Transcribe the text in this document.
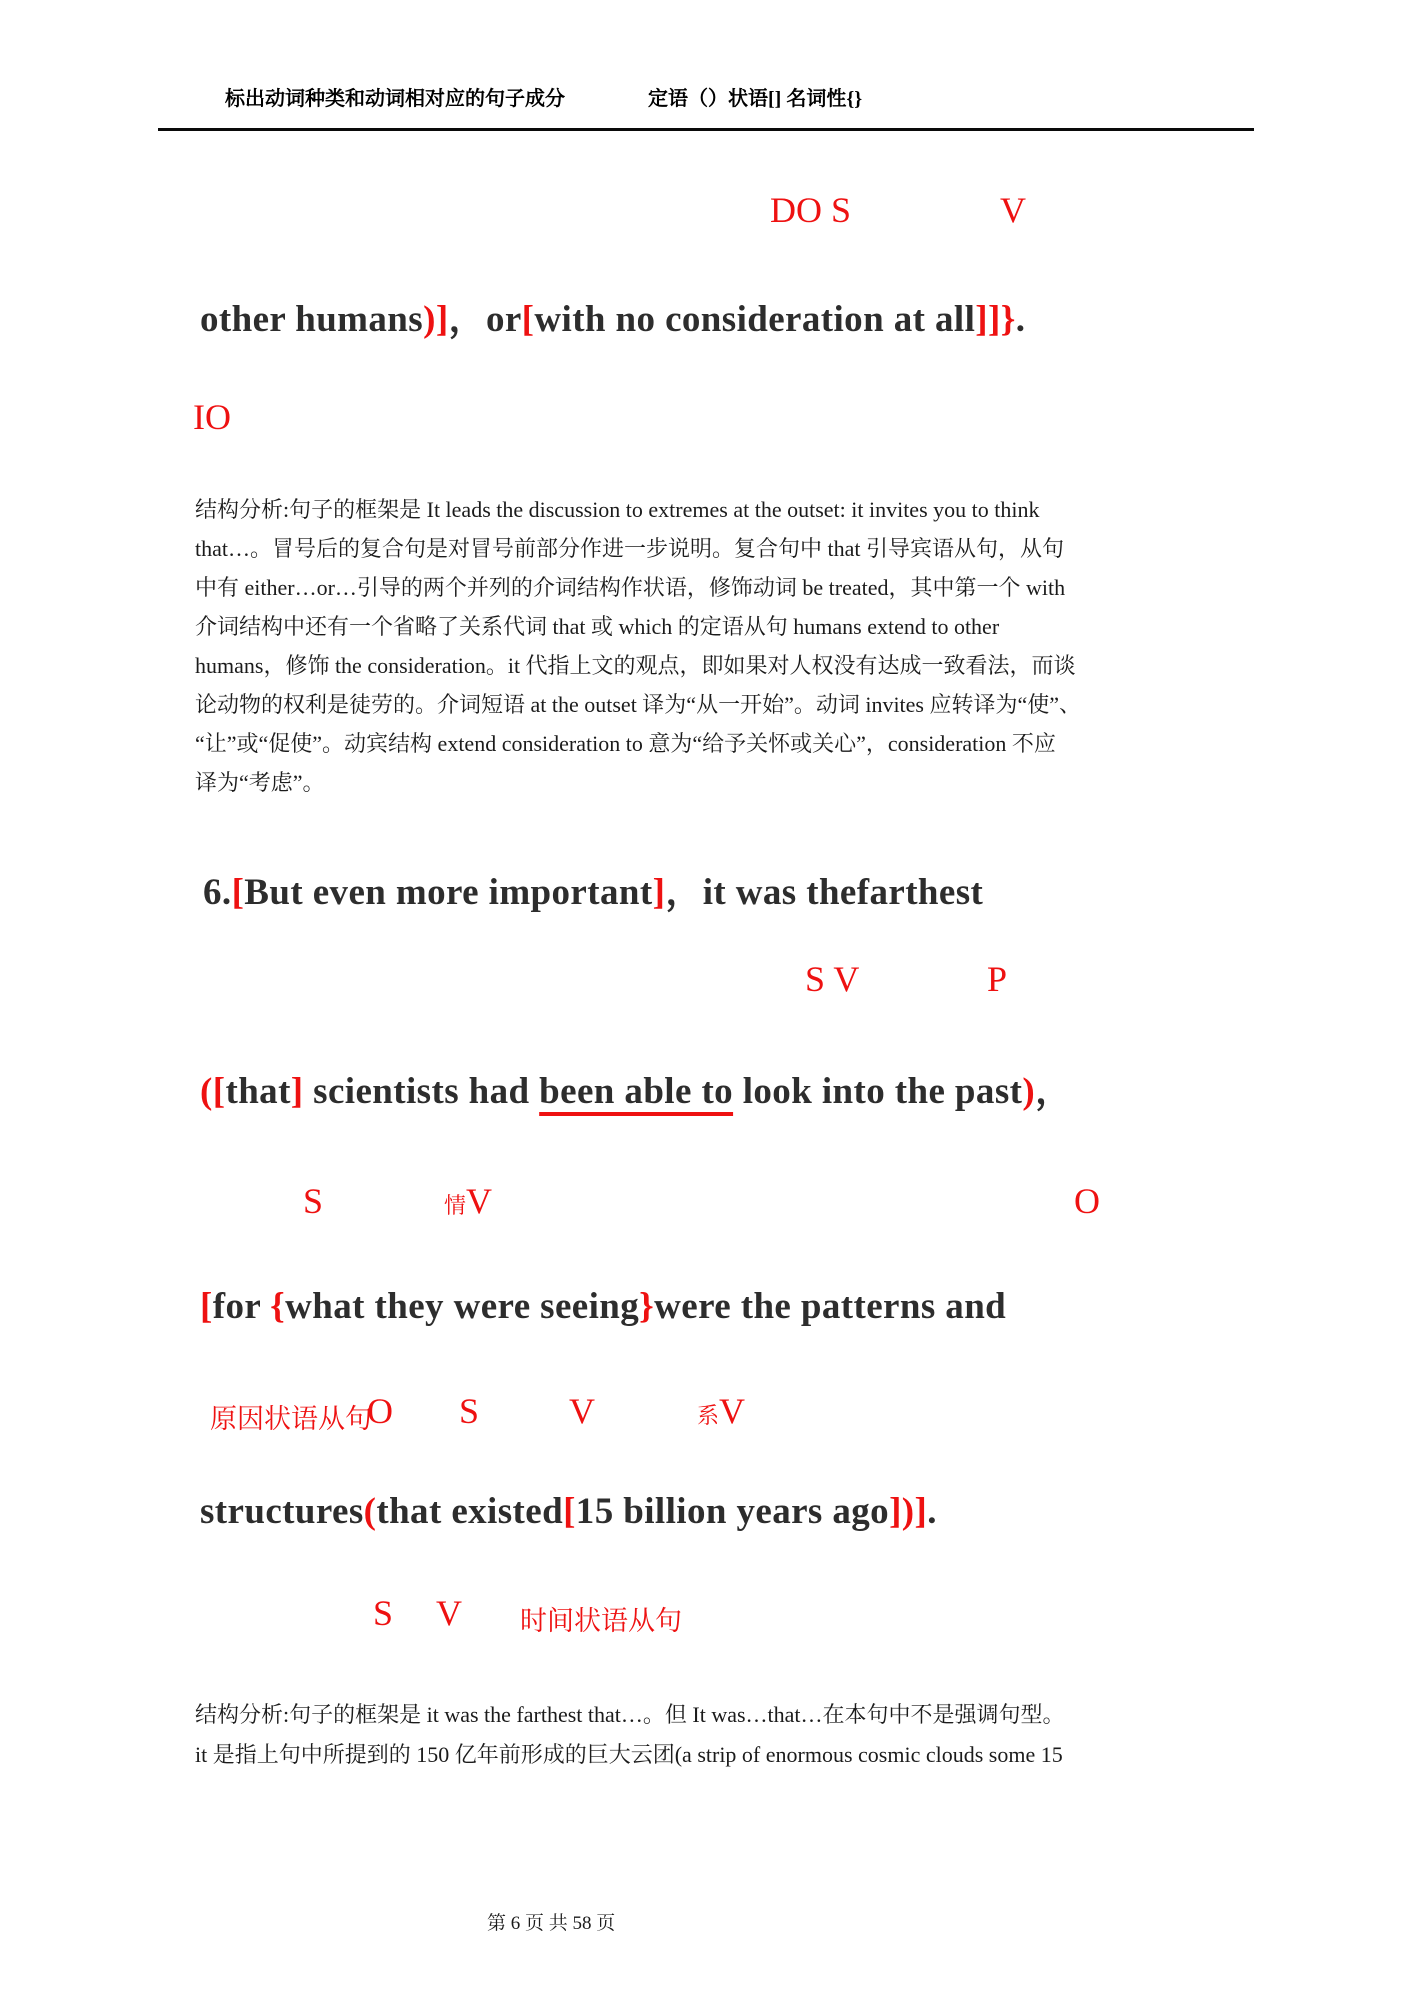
标出动词种类和动词相对应的句子成分	定语（）状语[] 名词性{}
DO S	V
other humans)]，or[with no consideration at all]]}.
IO
结构分析:句子的框架是 It leads the discussion to extremes at the outset: it invites you to think
that…。冒号后的复合句是对冒号前部分作进一步说明。复合句中 that 引导宾语从句，从句
中有 either…or…引导的两个并列的介词结构作状语，修饰动词 be treated，其中第一个 with
介词结构中还有一个省略了关系代词 that 或 which 的定语从句 humans extend to other
humans，修饰 the consideration。it 代指上文的观点，即如果对人权没有达成一致看法，而谈
论动物的权利是徒劳的。介词短语 at the outset 译为“从一开始”。动词 invites 应转译为“使”、
“让”或“促使”。动宾结构 extend consideration to 意为“给予关怀或关心”，consideration 不应
译为“考虑”。
6.[But even more important]，it was thefarthest
S V	P
([that] scientists had been able to look into the past)，
S	情V	O
[for {what they were seeing}were the patterns and
原因状语从句
O S V	系V
structures(that existed[15 billion years ago])].
S V 时间状语从句
结构分析:句子的框架是 it was the farthest that…。但 It was…that…在本句中不是强调句型。
it 是指上句中所提到的 150 亿年前形成的巨大云团(a strip of enormous cosmic clouds some 15
第 6 页 共 58 页
